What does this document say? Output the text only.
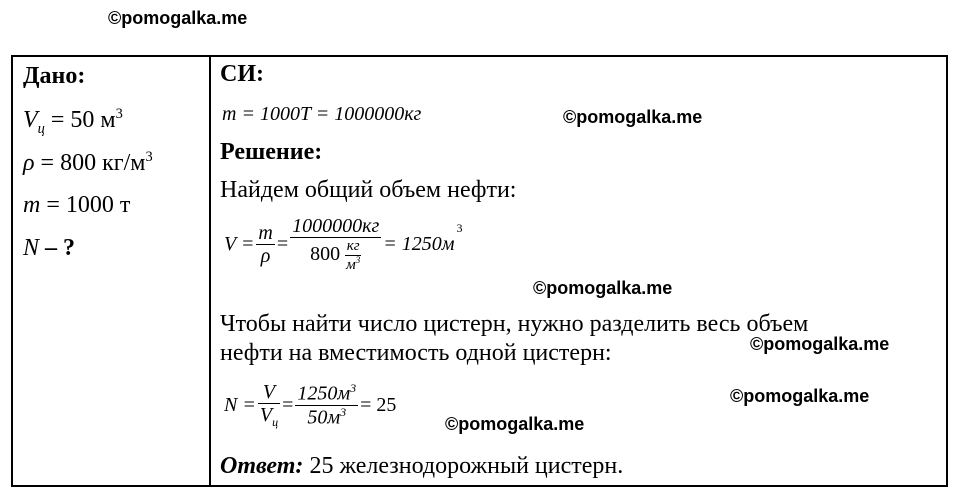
©pomogalka.me
©pomogalka.me
©pomogalka.me
©pomogalka.me
©pomogalka.me
©pomogalka.me
Дано:
$V_ц = 50$ $м^3$
ρ = 800 $кг/м^3$
m = 1000 т
N – ?
СИ:
m = 1000T = 1000000кг
Решение:
Найдем общий объем нефти:
$V = \frac{m}{\rho} = \frac{1000000кг}{800 \frac{кг}{м^3}} = 1250м$
$^3$
Чтобы найти число цистерн, нужно разделить весь объем
нефти на вместимость одной цистерн:
$N = \frac{V}{V_ц} = \frac{1250м^3}{50м^3} = 25$
Ответ: 25 железнодорожный цистерн.
